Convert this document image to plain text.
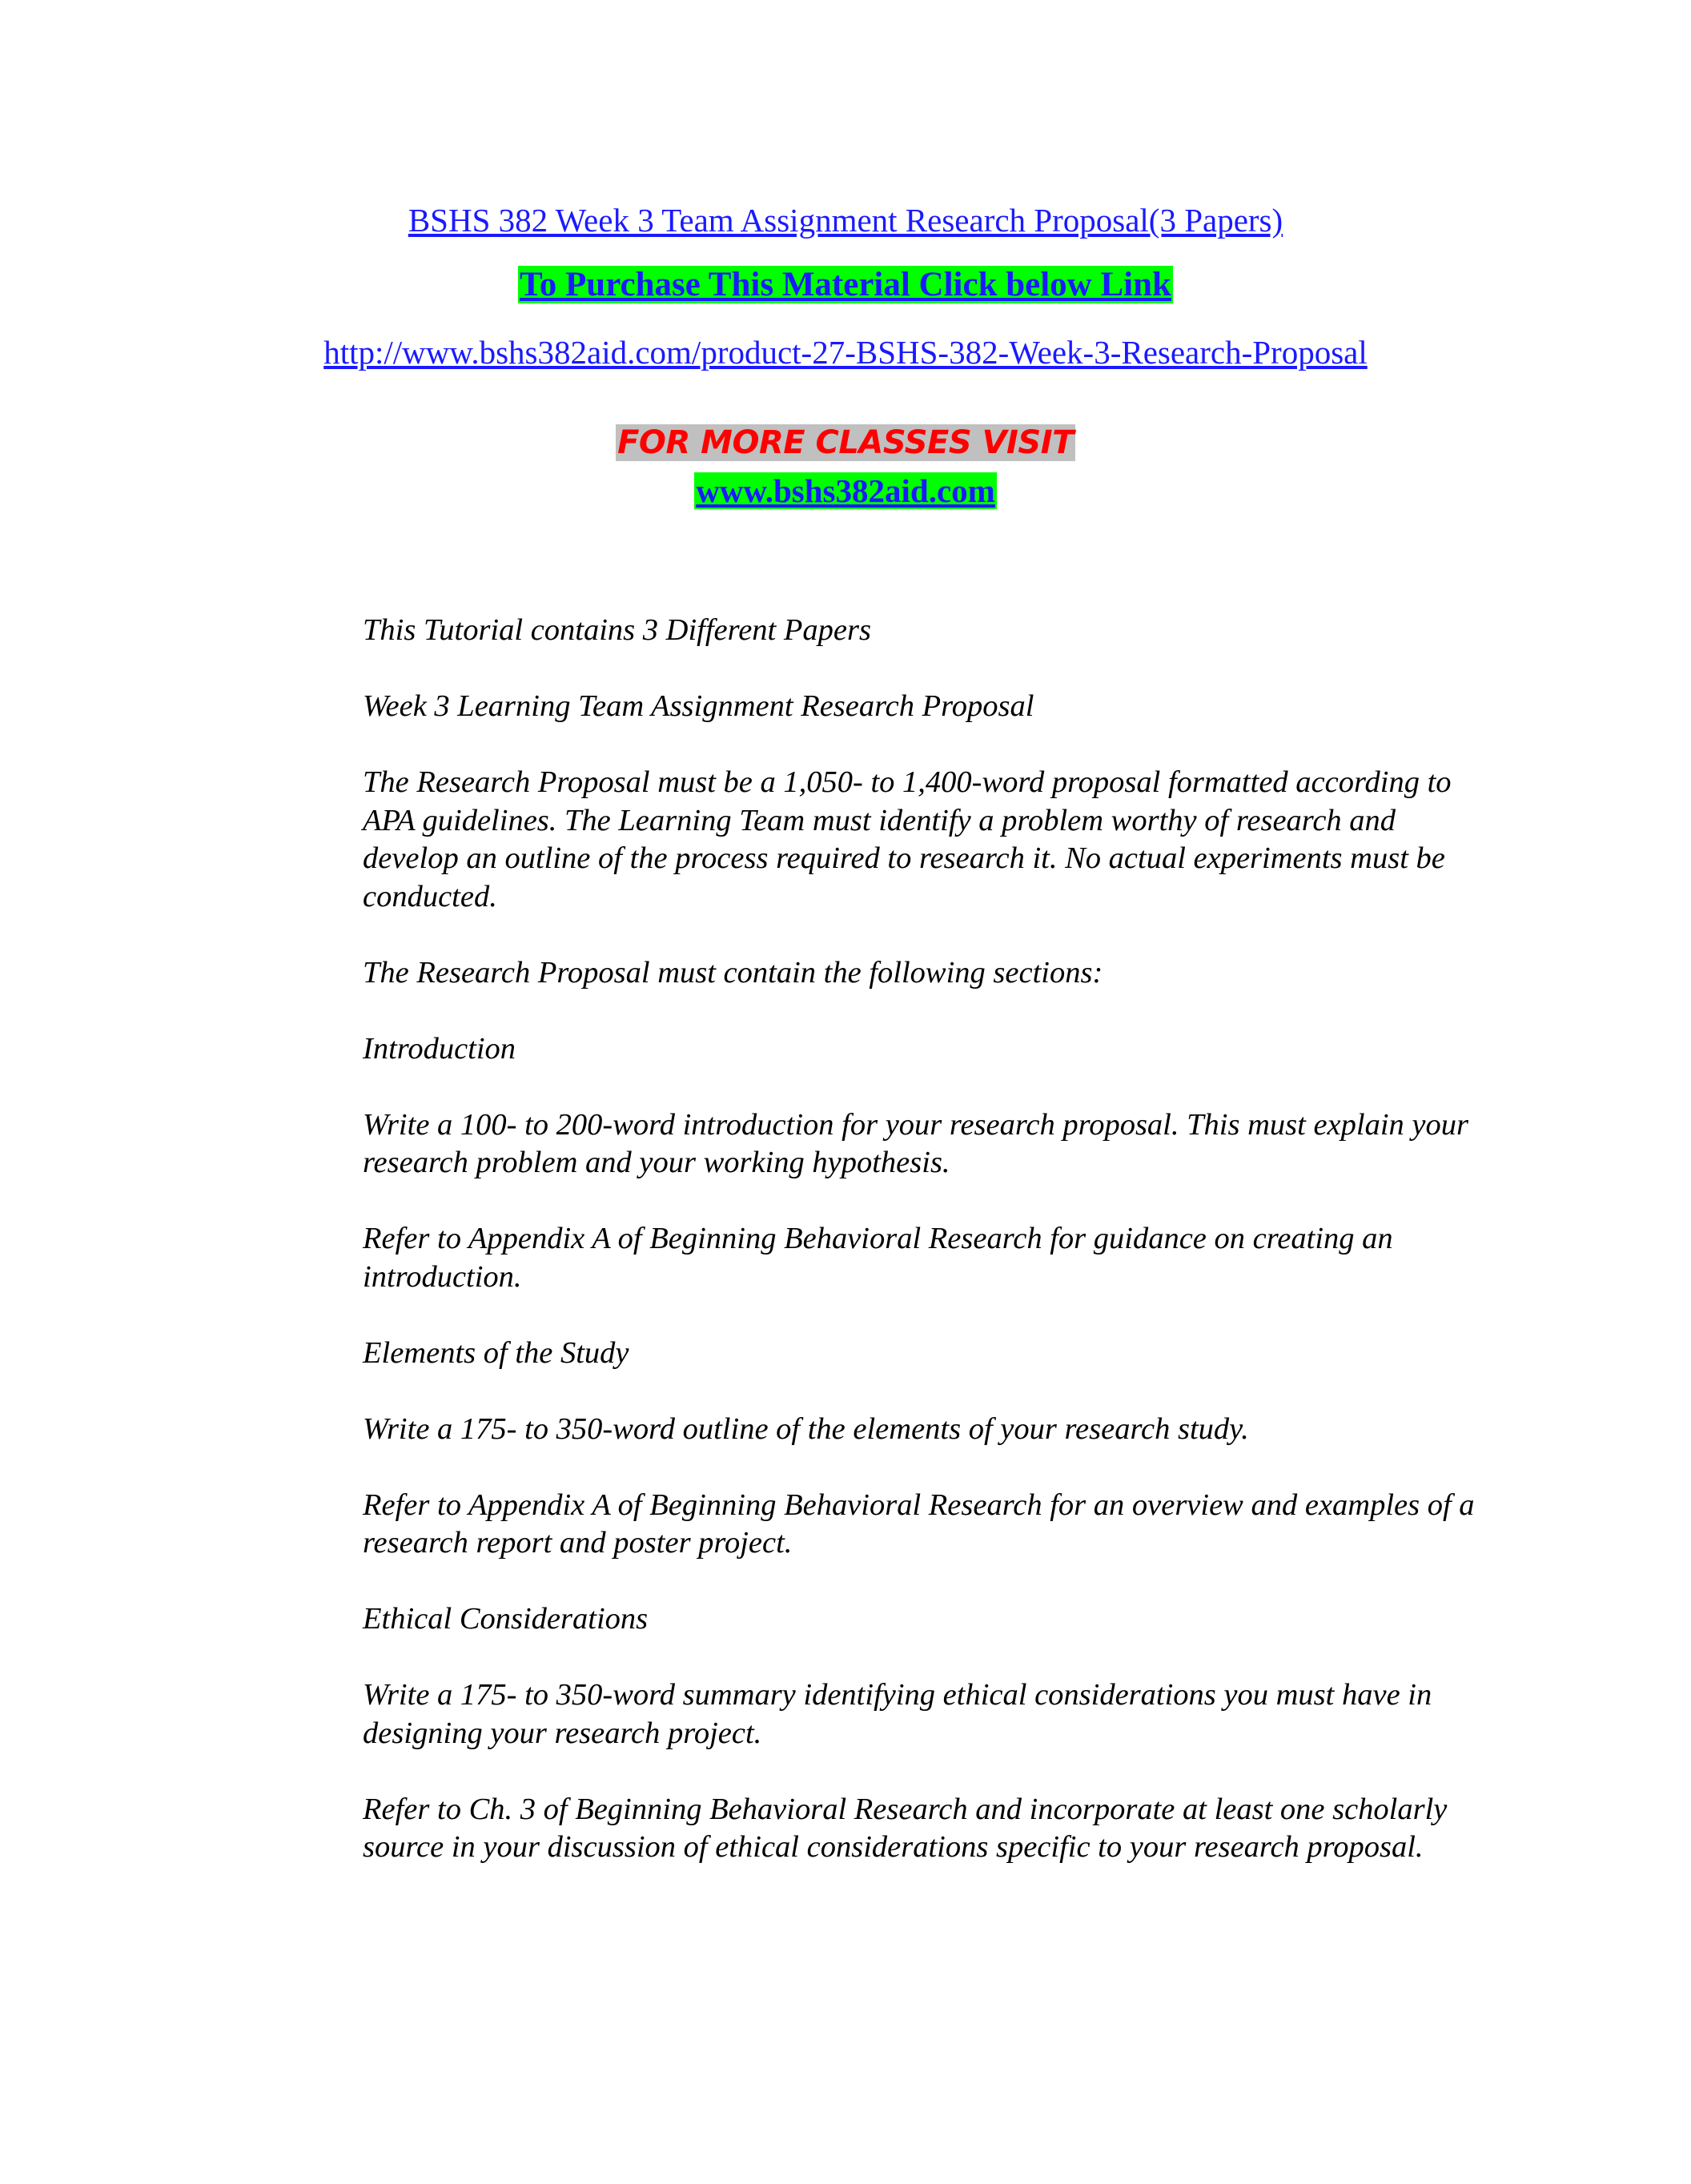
BSHS 382 Week 3 Team Assignment Research Proposal(3 Papers)
To Purchase This Material Click below Link
http://www.bshs382aid.com/product-27-BSHS-382-Week-3-Research-Proposal
FOR MORE CLASSES VISIT
www.bshs382aid.com

This Tutorial contains 3 Different Papers

Week 3 Learning Team Assignment Research Proposal

The Research Proposal must be a 1,050- to 1,400-word proposal formatted according to APA guidelines. The Learning Team must identify a problem worthy of research and develop an outline of the process required to research it. No actual experiments must be conducted.

The Research Proposal must contain the following sections:

Introduction

Write a 100- to 200-word introduction for your research proposal. This must explain your research problem and your working hypothesis.

Refer to Appendix A of Beginning Behavioral Research for guidance on creating an introduction.

Elements of the Study

Write a 175- to 350-word outline of the elements of your research study.

Refer to Appendix A of Beginning Behavioral Research for an overview and examples of a research report and poster project.

Ethical Considerations

Write a 175- to 350-word summary identifying ethical considerations you must have in designing your research project.

Refer to Ch. 3 of Beginning Behavioral Research and incorporate at least one scholarly source in your discussion of ethical considerations specific to your research proposal.
